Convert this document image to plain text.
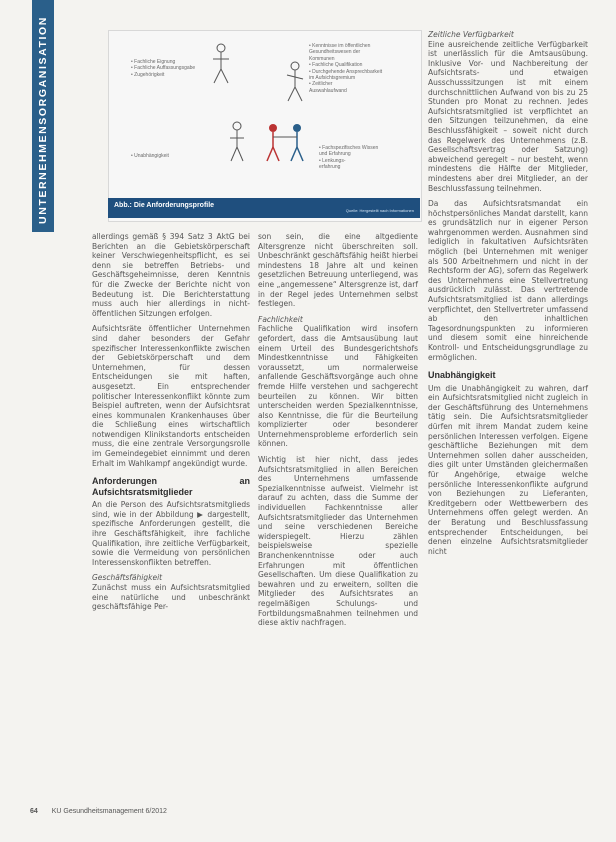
UNTERNEHMENSORGANISATION	• Fachliche Eignung
• Fachliche Auffassungsgabe
• Zugehörigkeit
• Kenntnisse im öffentlichen
Gesundheitswesen der
Kommunen
• Fachliche Qualifikation
• Durchgehende Ansprechbarkeit
im Aufsichtsgremium
• Zeitlicher
Auswahlaufwand
• Unabhängigkeit
• Fachspezifisches Wissen
und Erfahrung
• Lenkungs-
erfahrung
Abb.: Die Anforderungsprofile
Quelle: Hergestellt nach Informationen

allerdings gemäß § 394 Satz 3 AktG bei Berichten an die Gebietskörperschaft keiner Verschwiegenheitspflicht, es sei denn sie betreffen Betriebs- und Geschäftsgeheimnisse, deren Kenntnis für die Zwecke der Berichte nicht von Bedeutung ist. Die Berichterstattung muss auch hier allerdings in nicht-öffentlichen Sitzungen erfolgen.

Aufsichtsräte öffentlicher Unternehmen sind daher besonders der Gefahr spezifischer Interessenkonflikte zwischen der Gebietskörperschaft und dem Unternehmen, für dessen Entscheidungen sie mit haften, ausgesetzt. Ein entsprechender politischer Interessenkonflikt könnte zum Beispiel auftreten, wenn der Aufsichtsrat eines kommunalen Krankenhauses über die Schließung eines wirtschaftlich notwendigen Klinikstandorts entscheiden muss, die eine zentrale Versorgungsrolle im Gemeindegebiet einnimmt und deren Erhalt im Wahlkampf angekündigt wurde.

Anforderungen an Aufsichtsratsmitglieder

An die Person des Aufsichtsratsmitglieds sind, wie in der Abbildung ▶ dargestellt, spezifische Anforderungen gestellt, die ihre Geschäftsfähigkeit, ihre fachliche Qualifikation, ihre zeitliche Verfügbarkeit, sowie die Vermeidung von persönlichen Interessenskonflikten betreffen.

Geschäftsfähigkeit

Zunächst muss ein Aufsichtsratsmitglied eine natürliche und unbeschränkt geschäftsfähige Per-

son sein, die eine altgediente Altersgrenze nicht überschreiten soll. Unbeschränkt geschäftsfähig heißt hierbei mindestens 18 Jahre alt und keinen gesetzlichen Betreuung unterliegend, was eine „angemessene“ Altersgrenze ist, darf in der Regel jedes Unternehmen selbst festlegen.

Fachlichkeit

Fachliche Qualifikation wird insofern gefordert, dass die Amtsausübung laut einem Urteil des Bundesgerichtshofs Mindestkenntnisse und Fähigkeiten voraussetzt, um normalerweise anfallende Geschäftsvorgänge auch ohne fremde Hilfe verstehen und sachgerecht beurteilen zu können. Wir bitten unterscheiden werden Spezialkenntnisse, also Kenntnisse, die für die Beurteilung komplizierter oder besonderer Unternehmensprobleme erforderlich sein können.

Wichtig ist hier nicht, dass jedes Aufsichtsratsmitglied in allen Bereichen des Unternehmens umfassende Spezialkenntnisse aufweist. Vielmehr ist darauf zu achten, dass die Summe der individuellen Fachkenntnisse aller Aufsichtsratsmitglieder das Unternehmen und seine verschiedenen Bereiche widerspiegelt. Hierzu zählen beispielsweise spezielle Branchenkenntnisse oder auch Erfahrungen mit öffentlichen Gesellschaften. Um diese Qualifikation zu bewahren und zu erweitern, sollten die Mitglieder des Aufsichtsrates an regelmäßigen Schulungs- und Fortbildungsmaßnahmen teilnehmen und diese aktiv nachfragen.

Zeitliche Verfügbarkeit

Eine ausreichende zeitliche Verfügbarkeit ist unerlässlich für die Amtsausübung. Inklusive Vor- und Nachbereitung der Aufsichtsrats- und etwaigen Ausschusssitzungen ist mit einem durchschnittlichen Aufwand von bis zu 25 Stunden pro Monat zu rechnen. Jedes Aufsichtsratsmitglied ist verpflichtet an den Sitzungen teilzunehmen, da eine Beschlussfähigkeit – soweit nicht durch das Regelwerk des Unternehmens (z.B. Gesellschaftsvertrag oder Satzung) abweichend geregelt – nur besteht, wenn mindestens die Hälfte der Mitglieder, mindestens aber drei Mitglieder, an der Beschlussfassung teilnehmen.

Da das Aufsichtsratsmandat ein höchstpersönliches Mandat darstellt, kann es grundsätzlich nur in eigener Person wahrgenommen werden. Ausnahmen sind lediglich in fakultativen Aufsichtsräten möglich (bei Unternehmen mit weniger als 500 Arbeitnehmern und nicht in der Rechtsform der AG), sofern das Regelwerk des Unternehmens eine Stellvertretung ausdrücklich zulässt. Das vertretende Aufsichtsratsmitglied ist dann allerdings verpflichtet, den Stellvertreter umfassend ab den inhaltlichen Tagesordnungspunkten zu informieren und diesem somit eine hinreichende Kontroll- und Entscheidungsgrundlage zu ermöglichen.

Unabhängigkeit

Um die Unabhängigkeit zu wahren, darf ein Aufsichtsratsmitglied nicht zugleich in der Geschäftsführung des Unternehmens tätig sein. Die Aufsichtsratsmitglieder dürfen mit ihrem Mandat zudem keine persönlichen Interessen verfolgen. Eigene geschäftliche Beziehungen mit dem Unternehmen sollen daher ausscheiden, dies gilt unter Umständen gleichermaßen für Angehörige, etwaige welche persönliche Interessenkonflikte aufgrund von Beziehungen zu Lieferanten, Kreditgebern oder Wettbewerbern des Unternehmens offen gelegt werden. An der Beratung und Beschlussfassung entsprechender Entscheidungen, bei denen einzelne Aufsichtsratsmitglieder nicht

64 KU Gesundheitsmanagement 6/2012
